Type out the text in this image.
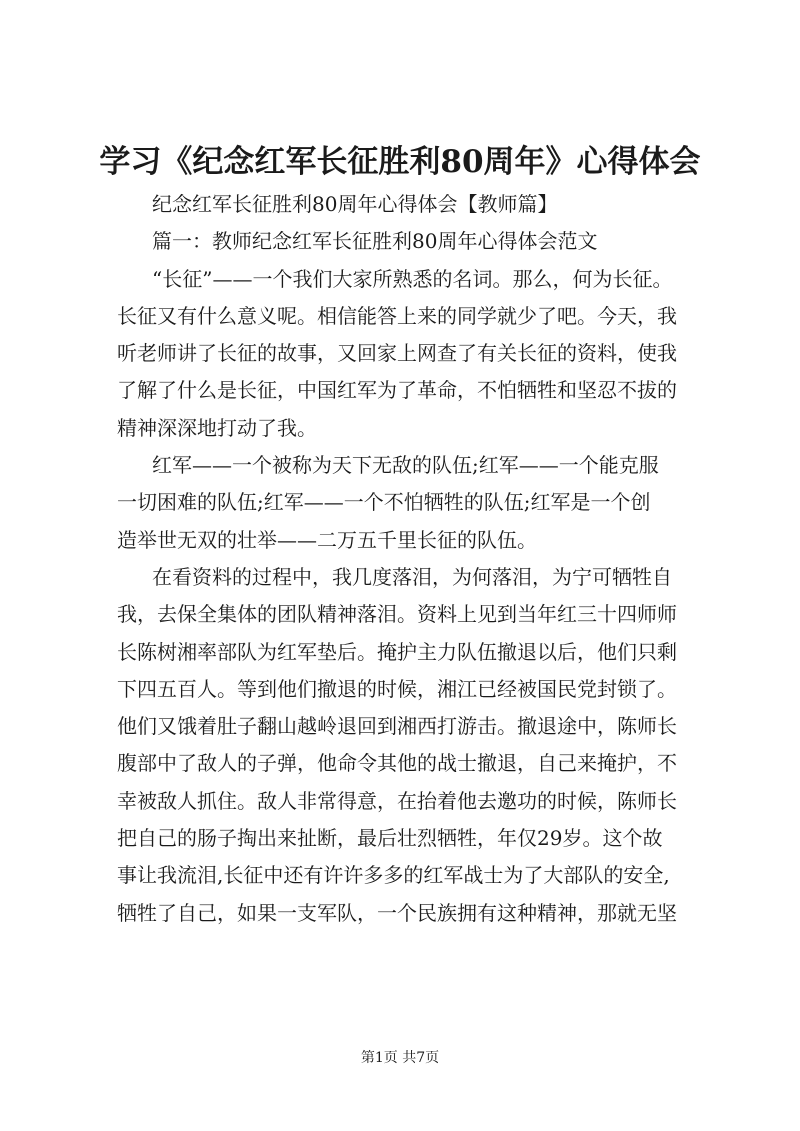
学习《纪念红军长征胜利80周年》心得体会
纪念红军长征胜利80周年心得体会【教师篇】
篇一：教师纪念红军长征胜利80周年心得体会范文
“长征”——一个我们大家所熟悉的名词。那么，何为长征。
长征又有什么意义呢。相信能答上来的同学就少了吧。今天，我
听老师讲了长征的故事，又回家上网查了有关长征的资料，使我
了解了什么是长征，中国红军为了革命，不怕牺牲和坚忍不拔的
精神深深地打动了我。
红军——一个被称为天下无敌的队伍;红军——一个能克服
一切困难的队伍;红军——一个不怕牺牲的队伍;红军是一个创
造举世无双的壮举——二万五千里长征的队伍。
在看资料的过程中，我几度落泪，为何落泪，为宁可牺牲自
我，去保全集体的团队精神落泪。资料上见到当年红三十四师师
长陈树湘率部队为红军垫后。掩护主力队伍撤退以后，他们只剩
下四五百人。等到他们撤退的时候，湘江已经被国民党封锁了。
他们又饿着肚子翻山越岭退回到湘西打游击。撤退途中，陈师长
腹部中了敌人的子弹，他命令其他的战士撤退，自己来掩护，不
幸被敌人抓住。敌人非常得意，在抬着他去邀功的时候，陈师长
把自己的肠子掏出来扯断，最后壮烈牺牲，年仅29岁。这个故
事让我流泪,长征中还有许许多多的红军战士为了大部队的安全,
牺牲了自己，如果一支军队，一个民族拥有这种精神，那就无坚
第1页 共7页
